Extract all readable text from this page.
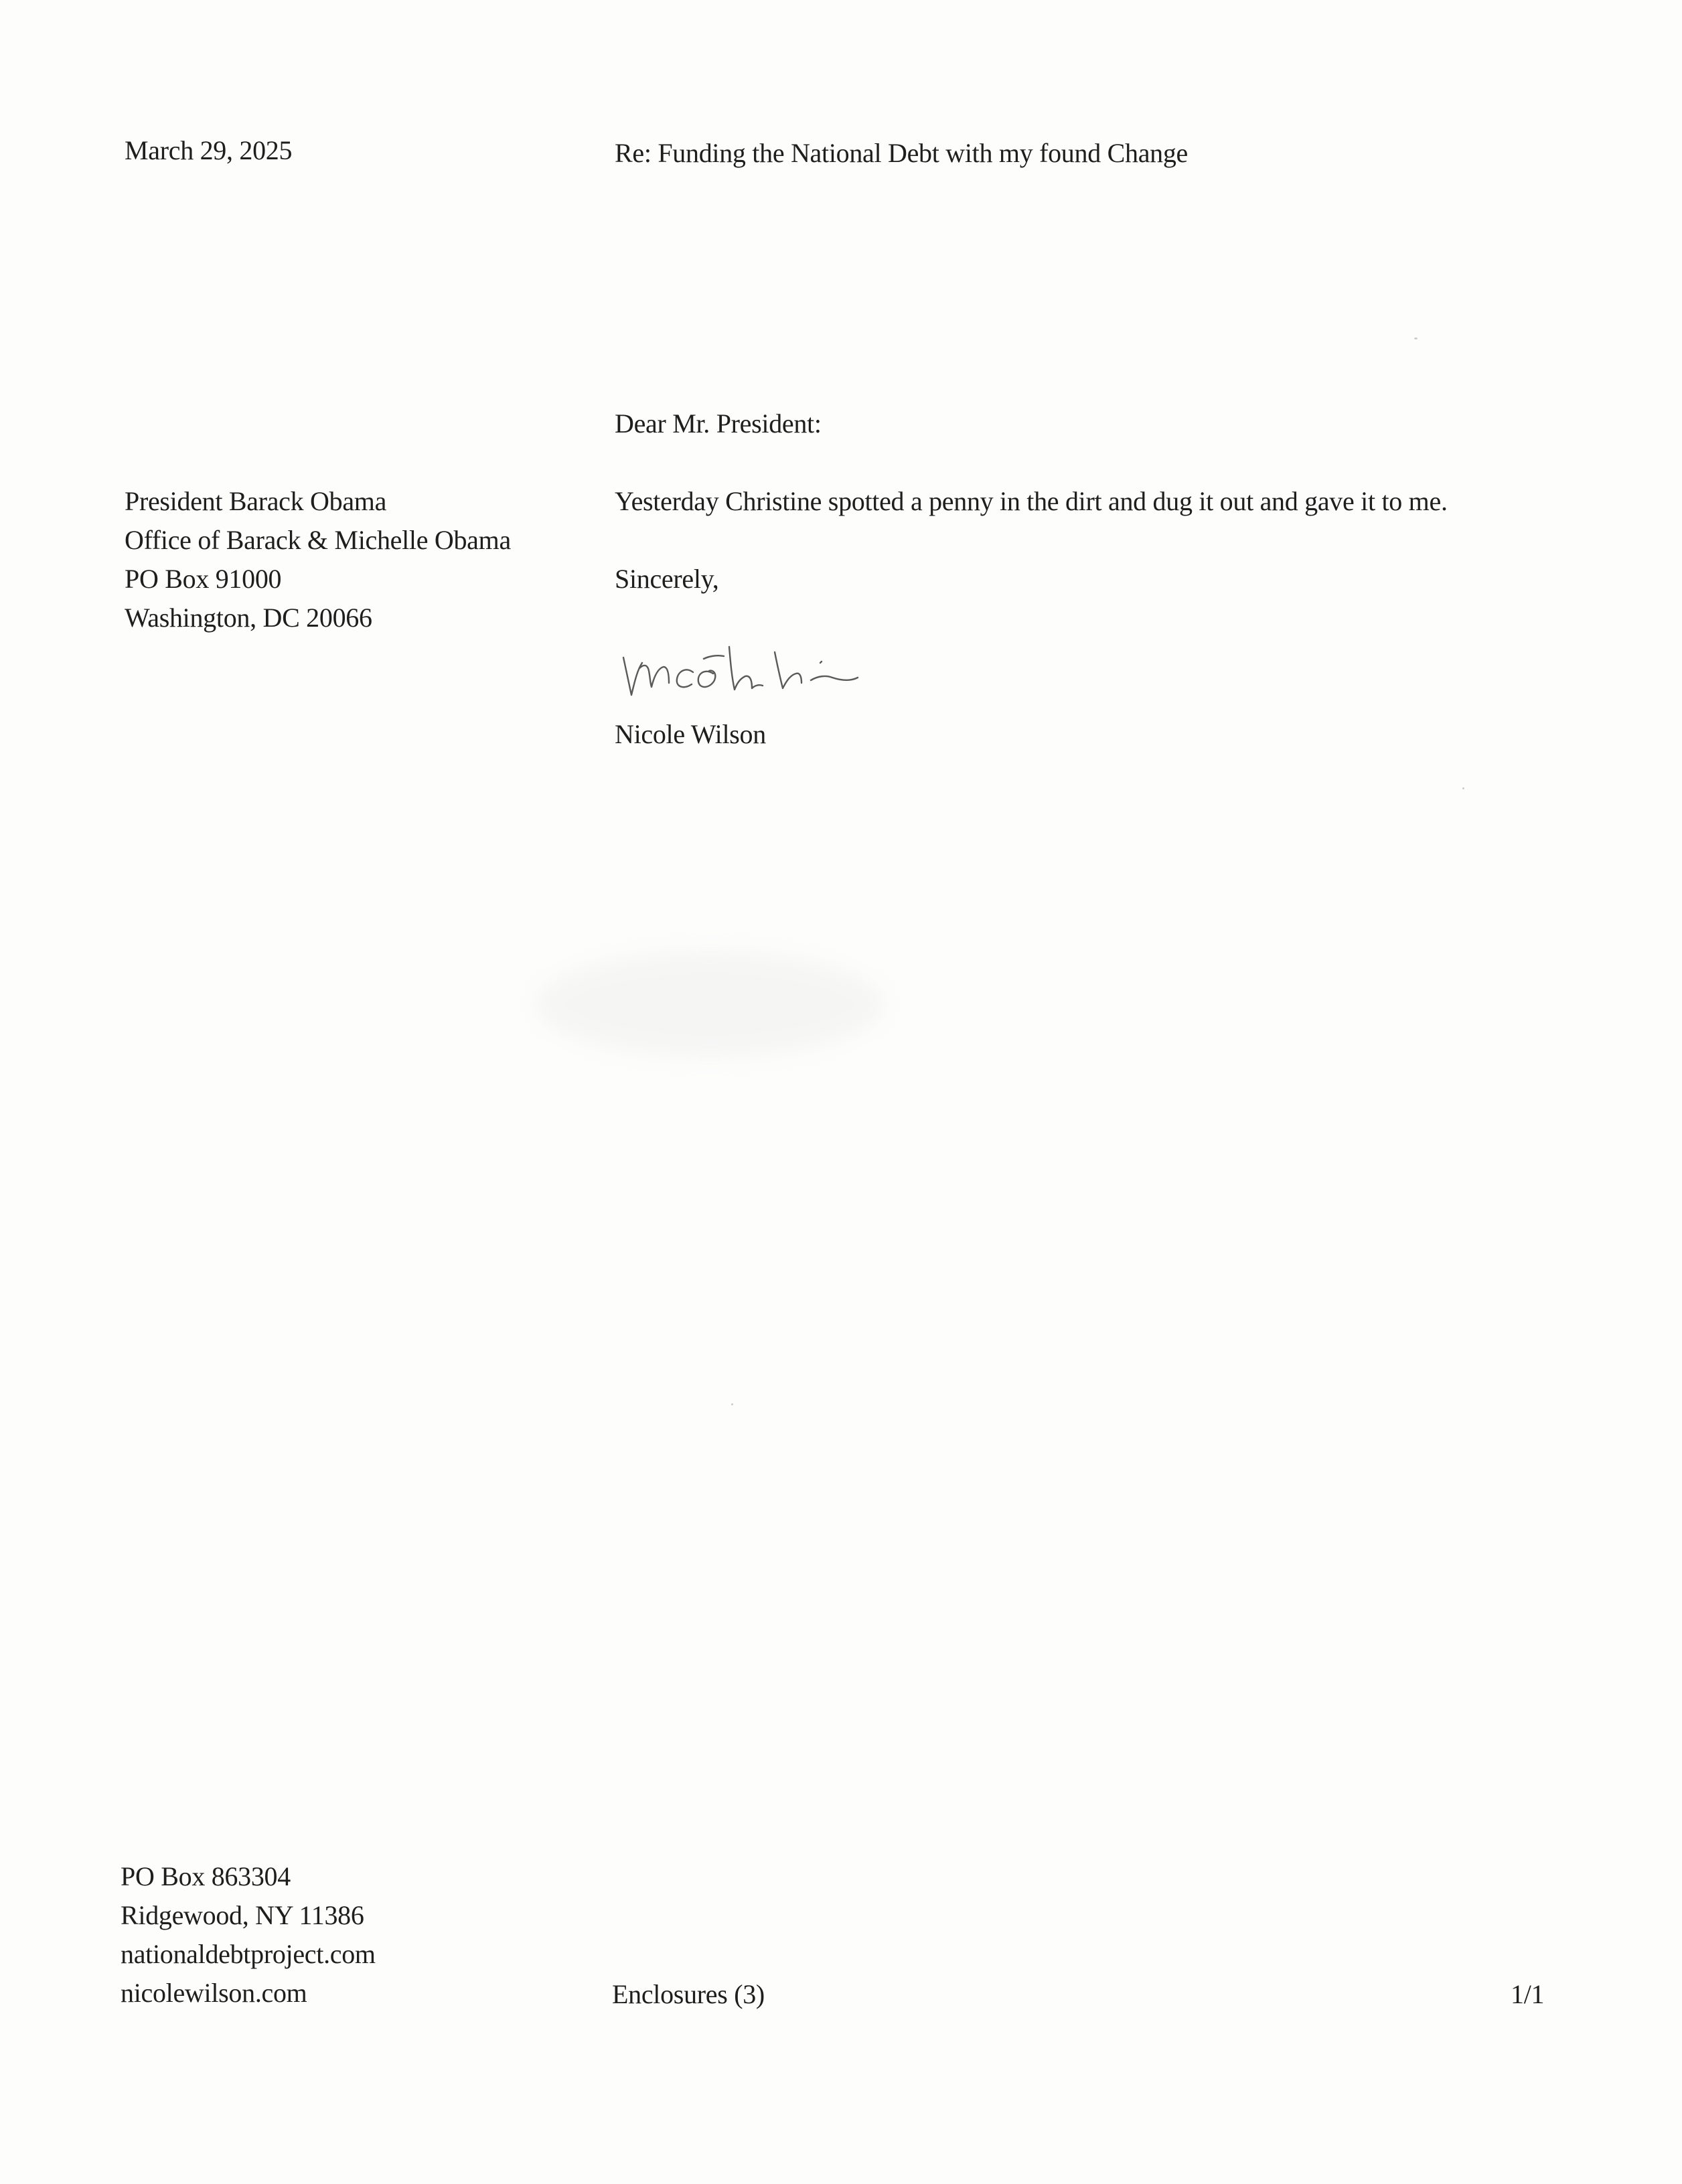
March 29, 2025	Re: Funding the National Debt with my found Change
President Barack Obama
Office of Barack & Michelle Obama
PO Box 91000
Washington, DC 20066
Dear Mr. President:
Yesterday Christine spotted a penny in the dirt and dug it out and gave it to me.
Sincerely,
Nicole Wilson
PO Box 863304
Ridgewood, NY 11386
nationaldebtproject.com
nicolewilson.com	Enclosures (3)	1/1
